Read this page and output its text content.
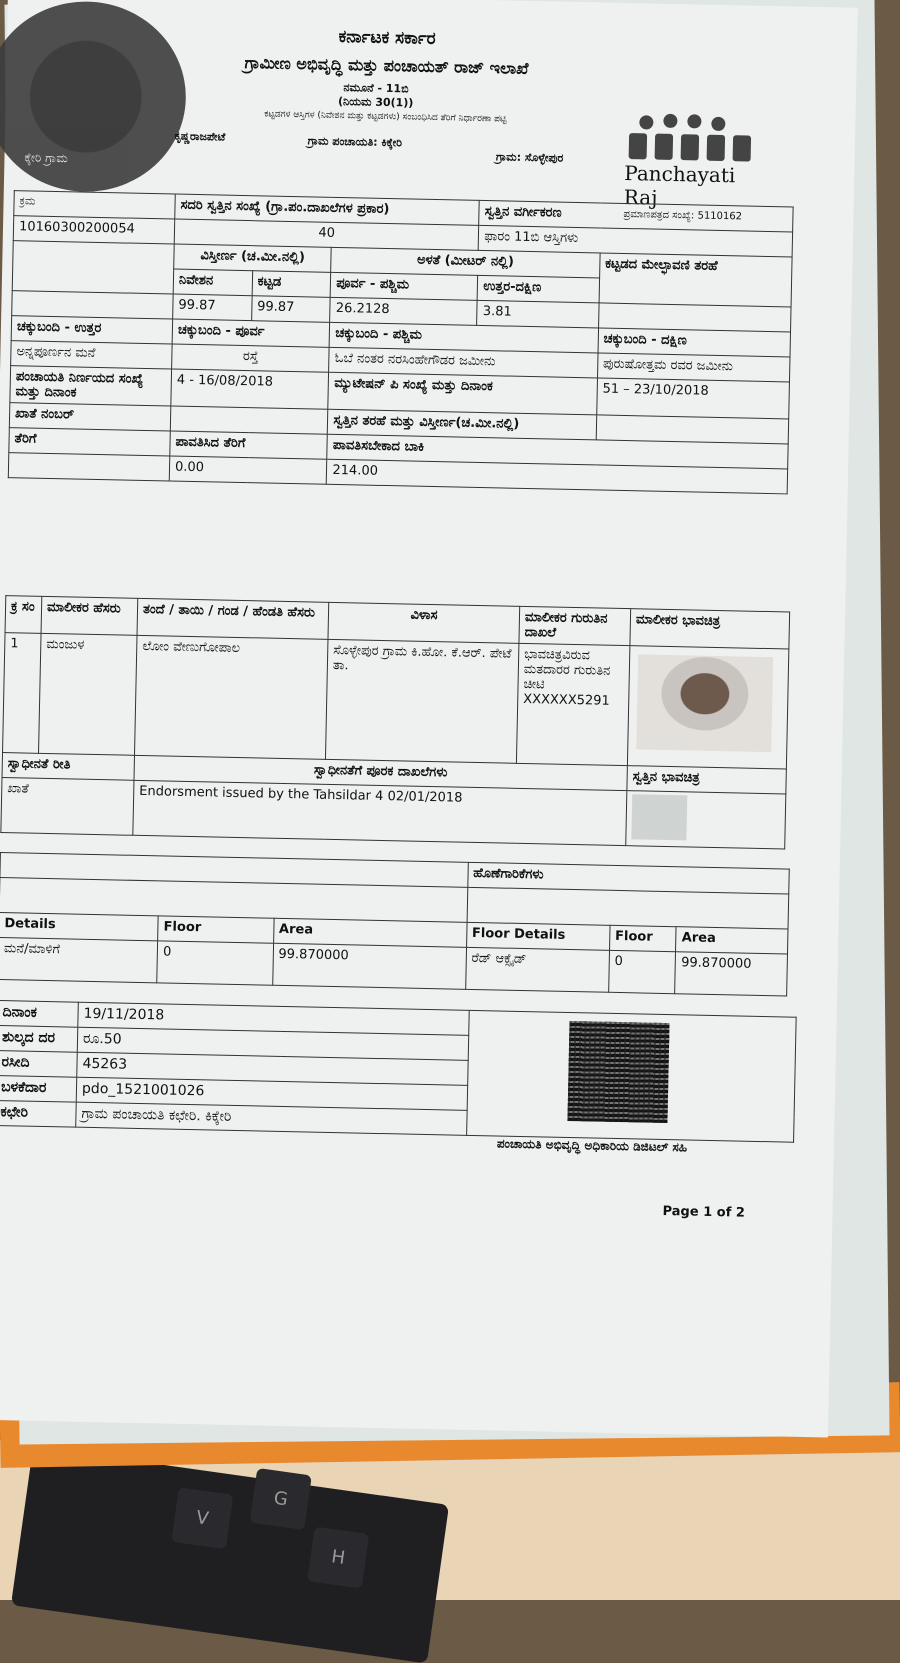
V
G
H
ಕ್ಕೇರಿ ಗ್ರಾಮ
ಕರ್ನಾಟಕ ಸರ್ಕಾರ
ಗ್ರಾಮೀಣ ಅಭಿವೃದ್ಧಿ ಮತ್ತು ಪಂಚಾಯತ್ ರಾಜ್ ಇಲಾಖೆ
ನಮೂನೆ - 11ಬಿ
(ನಿಯಮ 30(1))
ಕಟ್ಟಡಗಳ ಆಸ್ತಿಗಳ (ನಿವೇಶನ ಮತ್ತು ಕಟ್ಟಡಗಳು) ಸಂಬಂಧಿಸಿದ ತೆರಿಗೆ ನಿರ್ಧಾರಣಾ ಪಟ್ಟಿ
ಕೃಷ್ಣರಾಜಪೇಟೆ	ಗ್ರಾಮ ಪಂಚಾಯತಿ: ಕಿಕ್ಕೇರಿ
ಗ್ರಾಮ: ಸೊಳ್ಳೇಪುರ
Panchayati Raj
ಪ್ರಮಾಣಪತ್ರದ ಸಂಖ್ಯೆ: 5110162
ಕ್ರಮ	ಸದರಿ ಸ್ವತ್ತಿನ ಸಂಖ್ಯೆ (ಗ್ರಾ.ಪಂ.ದಾಖಲೆಗಳ ಪ್ರಕಾರ)			ಸ್ವತ್ತಿನ ವರ್ಗೀಕರಣ	
10160300200054	40			ಫಾರಂ 11ಬಿ ಆಸ್ತಿಗಳು	
	ವಿಸ್ತೀರ್ಣ (ಚ.ಮೀ.ನಲ್ಲಿ)		ಅಳತೆ (ಮೀಟರ್ ನಲ್ಲಿ)		ಕಟ್ಟಡದ ಮೇಲ್ಛಾವಣಿ ತರಹೆ
	ನಿವೇಶನ	ಕಟ್ಟಡ	ಪೂರ್ವ - ಪಶ್ಚಿಮ	ಉತ್ತರ-ದಕ್ಷಿಣ	
	99.87	99.87	26.2128	3.81	
ಚಕ್ಕುಬಂದಿ - ಉತ್ತರ	ಚಕ್ಕುಬಂದಿ - ಪೂರ್ವ		ಚಕ್ಕುಬಂದಿ - ಪಶ್ಚಿಮ		ಚಕ್ಕುಬಂದಿ - ದಕ್ಷಿಣ
ಅನ್ನಪೂರ್ಣನ ಮನೆ	ರಸ್ತೆ		ಓಬೆ ನಂತರ ನರಸಿಂಹೇಗೌಡರ ಜಮೀನು		ಪುರುಷೋತ್ತಮ ರವರ ಜಮೀನು
ಪಂಚಾಯತಿ ನಿರ್ಣಯದ ಸಂಖ್ಯೆ ಮತ್ತು ದಿನಾಂಕ	4 - 16/08/2018		ಮ್ಯುಟೇಷನ್ ಪಿ ಸಂಖ್ಯೆ ಮತ್ತು ದಿನಾಂಕ		51 – 23/10/2018
ಖಾತೆ ನಂಬರ್			ಸ್ವತ್ತಿನ ತರಹೆ ಮತ್ತು ವಿಸ್ತೀರ್ಣ(ಚ.ಮೀ.ನಲ್ಲಿ)		
ತೆರಿಗೆ	ಪಾವತಿಸಿದ ತೆರಿಗೆ		ಪಾವತಿಸಬೇಕಾದ ಬಾಕಿ		
	0.00		214.00		
ಕ್ರ ಸಂ	ಮಾಲೀಕರ ಹೆಸರು	ತಂದೆ / ತಾಯಿ / ಗಂಡ / ಹೆಂಡತಿ ಹೆಸರು	ವಿಳಾಸ	ಮಾಲೀಕರ ಗುರುತಿನ ದಾಖಲೆ	ಮಾಲೀಕರ ಭಾವಚಿತ್ರ
1	ಮಂಜುಳ	ಲೋಂ ವೇಣುಗೋಪಾಲ	ಸೊಳ್ಳೇಪುರ ಗ್ರಾಮ ಕಿ.ಹೋ. ಕೆ.ಆರ್. ಪೇಟೆ ತಾ.	ಭಾವಚಿತ್ರವಿರುವ ಮತದಾರರ ಗುರುತಿನ ಚೀಟಿ
XXXXXX5291	

ಸ್ವಾಧೀನತೆ ರೀತಿ		ಸ್ವಾಧೀನತೆಗೆ ಪೂರಕ ದಾಖಲೆಗಳು			ಸ್ವತ್ತಿನ ಭಾವಚಿತ್ರ
ಖಾತೆ		Endorsment issued by the Tahsildar 4 02/01/2018			
			ಹೊಣೆಗಾರಿಕೆಗಳು		

Details	Floor	Area	Floor Details	Floor	Area
ಮನೆ/ಮಾಳಿಗೆ	0	99.870000	ರೆಡ್ ಆಕ್ಸೈಡ್	0	99.870000
ದಿನಾಂಕ	19/11/2018	ಪಂಚಾಯತಿ ಅಭಿವೃದ್ಧಿ ಅಧಿಕಾರಿಯ ಡಿಜಿಟಲ್ ಸಹಿ

ಶುಲ್ಕದ ದರ	ರೂ.50	
ರಸೀದಿ	45263	
ಬಳಕೆದಾರ	pdo_1521001026	
ಕಛೇರಿ	ಗ್ರಾಮ ಪಂಚಾಯತಿ ಕಛೇರಿ. ಕಿಕ್ಕೇರಿ	
Page 1 of 2
